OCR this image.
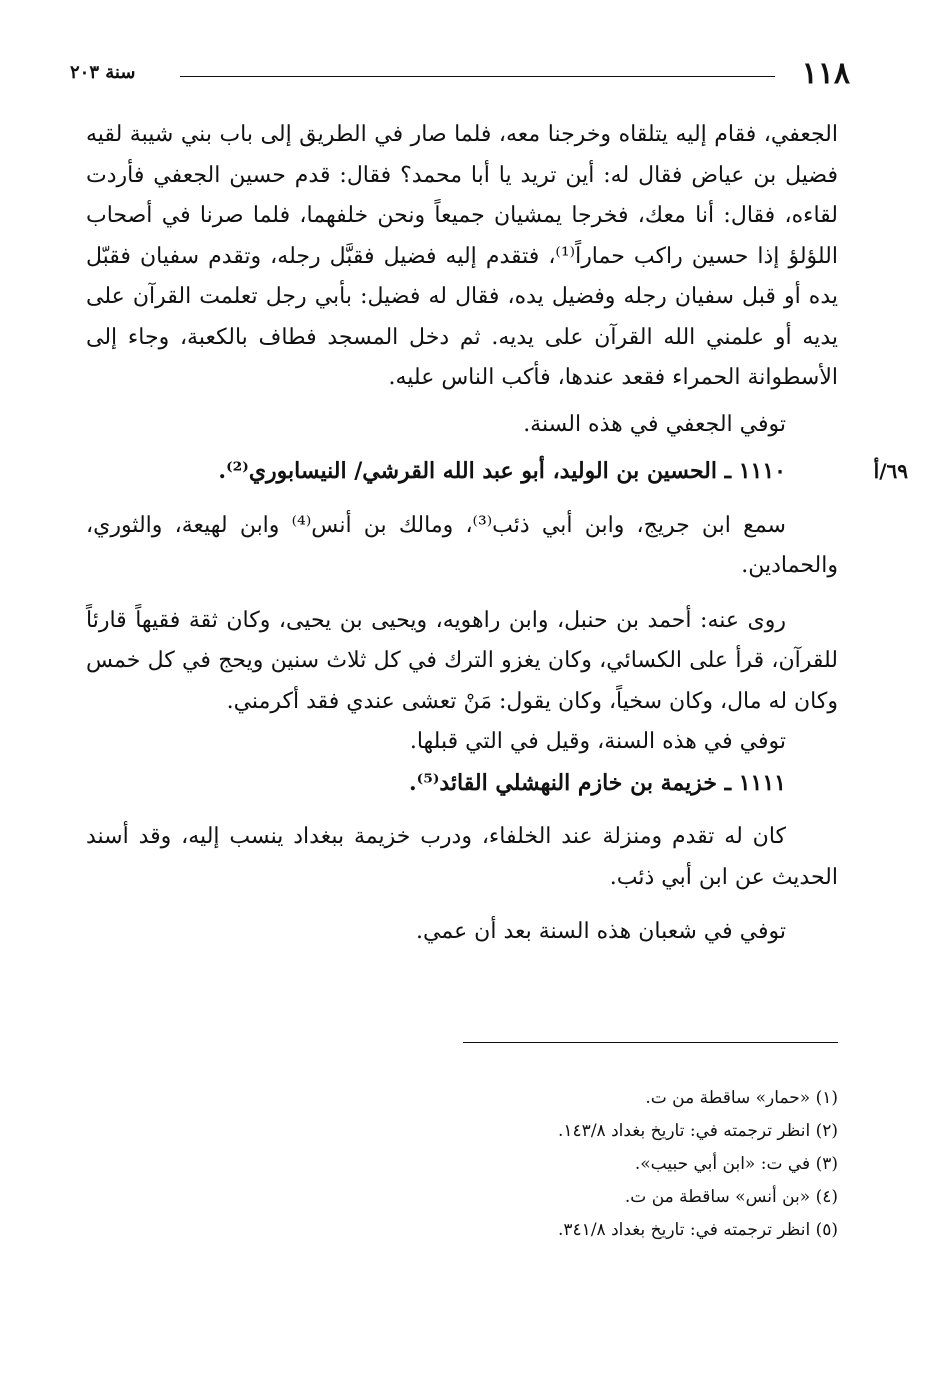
١١٨
سنة ٢٠٣

الجعفي، فقام إليه يتلقاه وخرجنا معه، فلما صار في الطريق إلى باب بني شيبة لقيه فضيل بن عياض فقال له: أين تريد يا أبا محمد؟ فقال: قدم حسين الجعفي فأردت لقاءه، فقال: أنا معك، فخرجا يمشيان جميعاً ونحن خلفهما، فلما صرنا في أصحاب اللؤلؤ إذا حسين راكب حماراً⁽¹⁾، فتقدم إليه فضيل فقبَّل رجله، وتقدم سفيان فقبّل يده أو قبل سفيان رجله وفضيل يده، فقال له فضيل: بأبي رجل تعلمت القرآن على يديه أو علمني الله القرآن على يديه. ثم دخل المسجد فطاف بالكعبة، وجاء إلى الأسطوانة الحمراء فقعد عندها، فأكب الناس عليه.

توفي الجعفي في هذه السنة.

٦٩/أ
١١١٠ ـ الحسين بن الوليد، أبو عبد الله القرشي/ النيسابوري⁽²⁾.

سمع ابن جريج، وابن أبي ذئب⁽³⁾، ومالك بن أنس⁽⁴⁾ وابن لهيعة، والثوري، والحمادين.

روى عنه: أحمد بن حنبل، وابن راهويه، ويحيى بن يحيى، وكان ثقة فقيهاً قارئاً للقرآن، قرأ على الكسائي، وكان يغزو الترك في كل ثلاث سنين ويحج في كل خمس وكان له مال، وكان سخياً، وكان يقول: مَنْ تعشى عندي فقد أكرمني.

توفي في هذه السنة، وقيل في التي قبلها.

١١١١ ـ خزيمة بن خازم النهشلي القائد⁽⁵⁾.

كان له تقدم ومنزلة عند الخلفاء، ودرب خزيمة ببغداد ينسب إليه، وقد أسند الحديث عن ابن أبي ذئب.

توفي في شعبان هذه السنة بعد أن عمي.

(١) «حمار» ساقطة من ت.

(٢) انظر ترجمته في: تاريخ بغداد ١٤٣/٨.

(٣) في ت: «ابن أبي حبيب».

(٤) «بن أنس» ساقطة من ت.

(٥) انظر ترجمته في: تاريخ بغداد ٣٤١/٨.
